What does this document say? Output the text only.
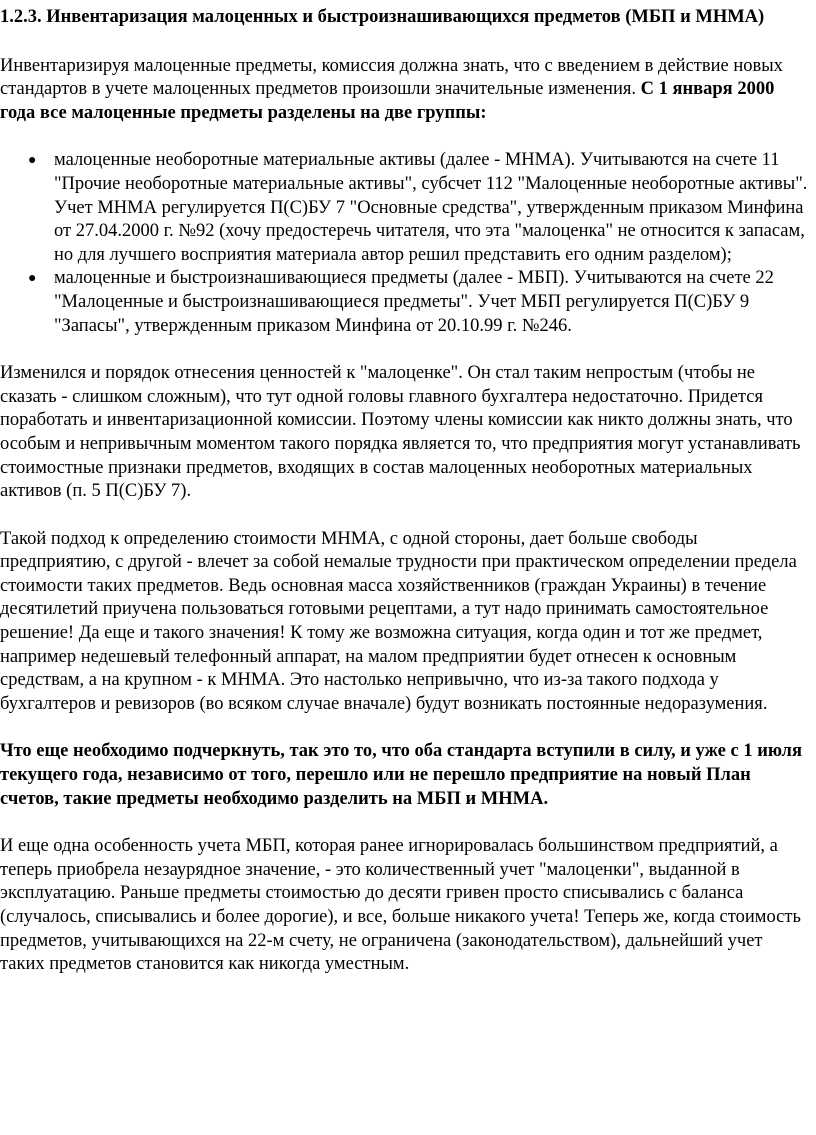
1.2.3. Инвентаризация малоценных и быстроизнашивающихся предметов (МБП и МНМА)

Инвентаризируя малоценные предметы, комиссия должна знать, что с введением в действие новых стандартов в учете малоценных предметов произошли значительные изменения. С 1 января 2000 года все малоценные предметы разделены на две группы:

● малоценные необоротные материальные активы (далее - МНМА). Учитываются на счете 11 "Прочие необоротные материальные активы", субсчет 112 "Малоценные необоротные активы". Учет МНМА регулируется П(С)БУ 7 "Основные средства", утвержденным приказом Минфина от 27.04.2000 г. №92 (хочу предостеречь читателя, что эта "малоценка" не относится к запасам, но для лучшего восприятия материала автор решил представить его одним разделом);
● малоценные и быстроизнашивающиеся предметы (далее - МБП). Учитываются на счете 22 "Малоценные и быстроизнашивающиеся предметы". Учет МБП регулируется П(С)БУ 9 "Запасы", утвержденным приказом Минфина от 20.10.99 г. №246.

Изменился и порядок отнесения ценностей к "малоценке". Он стал таким непростым (чтобы не сказать - слишком сложным), что тут одной головы главного бухгалтера недостаточно. Придется поработать и инвентаризационной комиссии. Поэтому члены комиссии как никто должны знать, что особым и непривычным моментом такого порядка является то, что предприятия могут устанавливать стоимостные признаки предметов, входящих в состав малоценных необоротных материальных активов (п. 5 П(С)БУ 7).

Такой подход к определению стоимости МНМА, с одной стороны, дает больше свободы предприятию, с другой - влечет за собой немалые трудности при практическом определении предела стоимости таких предметов. Ведь основная масса хозяйственников (граждан Украины) в течение десятилетий приучена пользоваться готовыми рецептами, а тут надо принимать самостоятельное решение! Да еще и такого значения! К тому же возможна ситуация, когда один и тот же предмет, например недешевый телефонный аппарат, на малом предприятии будет отнесен к основным средствам, а на крупном - к МНМА. Это настолько непривычно, что из-за такого подхода у бухгалтеров и ревизоров (во всяком случае вначале) будут возникать постоянные недоразумения.

Что еще необходимо подчеркнуть, так это то, что оба стандарта вступили в силу, и уже с 1 июля текущего года, независимо от того, перешло или не перешло предприятие на новый План счетов, такие предметы необходимо разделить на МБП и МНМА.

И еще одна особенность учета МБП, которая ранее игнорировалась большинством предприятий, а теперь приобрела незаурядное значение, - это количественный учет "малоценки", выданной в эксплуатацию. Раньше предметы стоимостью до десяти гривен просто списывались с баланса (случалось, списывались и более дорогие), и все, больше никакого учета! Теперь же, когда стоимость предметов, учитывающихся на 22-м счету, не ограничена (законодательством), дальнейший учет таких предметов становится как никогда уместным.
